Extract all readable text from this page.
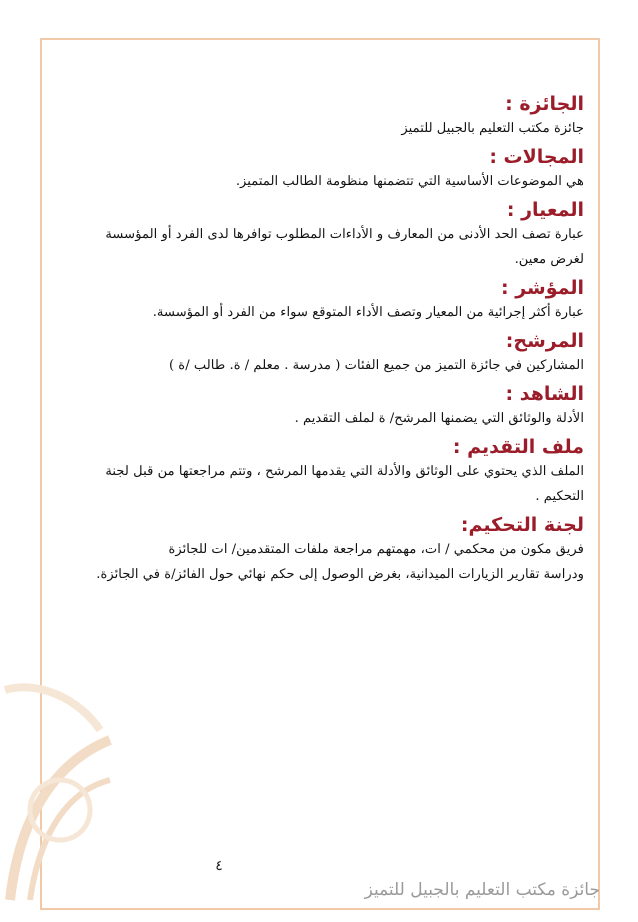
الجائزة :

جائزة مكتب التعليم بالجبيل للتميز

المجالات :

هي الموضوعات الأساسية التي تتضمنها منظومة الطالب المتميز.

المعيار :

عبارة تصف الحد الأدنى من المعارف و الأداءات المطلوب توافرها لدى الفرد أو المؤسسة

لغرض معين.

المؤشر :

عبارة أكثر إجرائية من المعيار وتصف الأداء المتوقع سواء من الفرد أو المؤسسة.

المرشح:

المشاركين في جائزة التميز من جميع الفئات ( مدرسة . معلم / ة. طالب /ة )

الشاهد :

الأدلة والوثائق التي يضمنها المرشح/ ة لملف التقديم .

ملف التقديم :

الملف الذي يحتوي على الوثائق والأدلة التي يقدمها المرشح ، وتتم مراجعتها من قبل لجنة

التحكيم .

لجنة التحكيم:

فريق مكون من محكمي / ات، مهمتهم مراجعة ملفات المتقدمين/ ات للجائزة

ودراسة تقارير الزيارات الميدانية، بغرض الوصول إلى حكم نهائي حول الفائز/ة في الجائزة.

٤
جائزة مكتب التعليم بالجبيل للتميز
